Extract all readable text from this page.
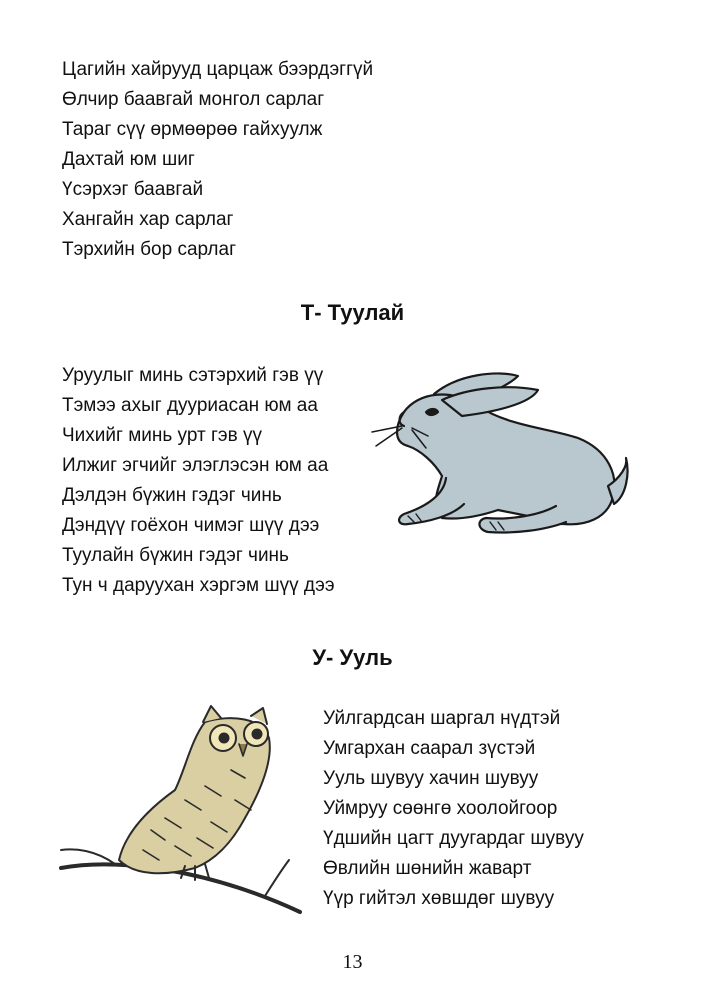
Цагийн хайрууд царцаж бээрдэггүй
Өлчир баавгай монгол сарлаг
Тараг сүү өрмөөрөө гайхуулж
Дахтай юм шиг
Үсэрхэг баавгай
Хангайн хар сарлаг
Тэрхийн бор сарлаг
Т- Туулай
Уруулыг минь сэтэрхий гэв үү
Тэмээ ахыг дууриасан юм аа
Чихийг минь урт гэв үү
Илжиг эгчийг элэглэсэн юм аа
Дэлдэн бүжин гэдэг чинь
Дэндүү гоёхон чимэг шүү дээ
Туулайн бүжин гэдэг чинь
Тун ч даруухан хэргэм шүү дээ
У- Ууль
Уйлгардсан шаргал нүдтэй
Умгархан саарал зүстэй
Ууль шувуу хачин шувуу
Уймруу сөөнгө хоолойгоор
Үдшийн цагт дуугардаг шувуу
Өвлийн шөнийн жаварт
Үүр гийтэл хөвшдөг шувуу
13
